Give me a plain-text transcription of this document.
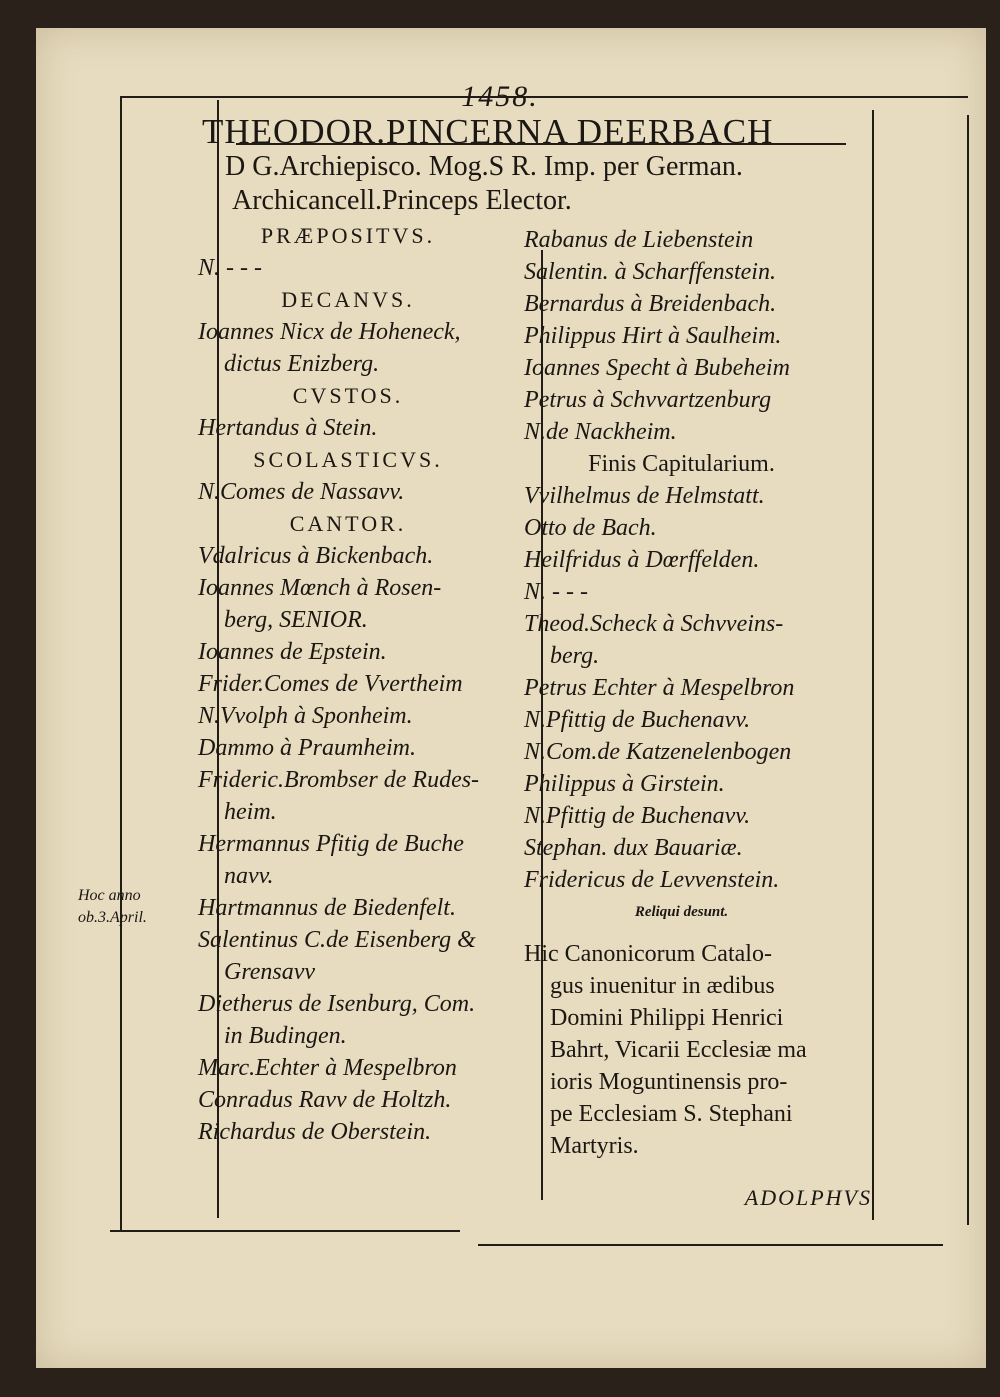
1458.
THEODOR.PINCERNA DEERBACH
D G.Archiepisco. Mog.S R. Imp. per German.
Archicancell.Princeps Elector.
PRÆPOSITVS.
N. - - -
DECANVS.
Ioannes Nicx de Hoheneck,
dictus Enizberg.
CVSTOS.
Hertandus à Stein.
SCOLASTICVS.
N.Comes de Nassavv.
CANTOR.
Vdalricus à Bickenbach.
Ioannes Mœnch à Rosen-
berg, SENIOR.
Ioannes de Epstein.
Frider.Comes de Vvertheim
N.Vvolph à Sponheim.
Dammo à Praumheim.
Frideric.Brombser de Rudes-
heim.
Hermannus Pfitig de Buche
navv.
Hartmannus de Biedenfelt.
Salentinus C.de Eisenberg &
Grensavv
Dietherus de Isenburg, Com.
in Budingen.
Marc.Echter à Mespelbron
Conradus Ravv de Holtzh.
Richardus de Oberstein.
Rabanus de Liebenstein
Salentin. à Scharffenstein.
Bernardus à Breidenbach.
Philippus Hirt à Saulheim.
Ioannes Specht à Bubeheim
Petrus à Schvvartzenburg
N.de Nackheim.
Finis Capitularium.
Vvilhelmus de Helmstatt.
Otto de Bach.
Heilfridus à Dœrffelden.
N. - - -
Theod.Scheck à Schvveins-
berg.
Petrus Echter à Mespelbron
N.Pfittig de Buchenavv.
N.Com.de Katzenelenbogen
Philippus à Girstein.
N.Pfittig de Buchenavv.
Stephan. dux Bauariæ.
Fridericus de Levvenstein.
Reliqui desunt.
Hic Canonicorum Catalo-
gus inuenitur in ædibus
Domini Philippi Henrici
Bahrt, Vicarii Ecclesiæ ma
ioris Moguntinensis pro-
pe Ecclesiam S. Stephani
Martyris.
Hoc anno
ob.3.April.
ADOLPHVS
